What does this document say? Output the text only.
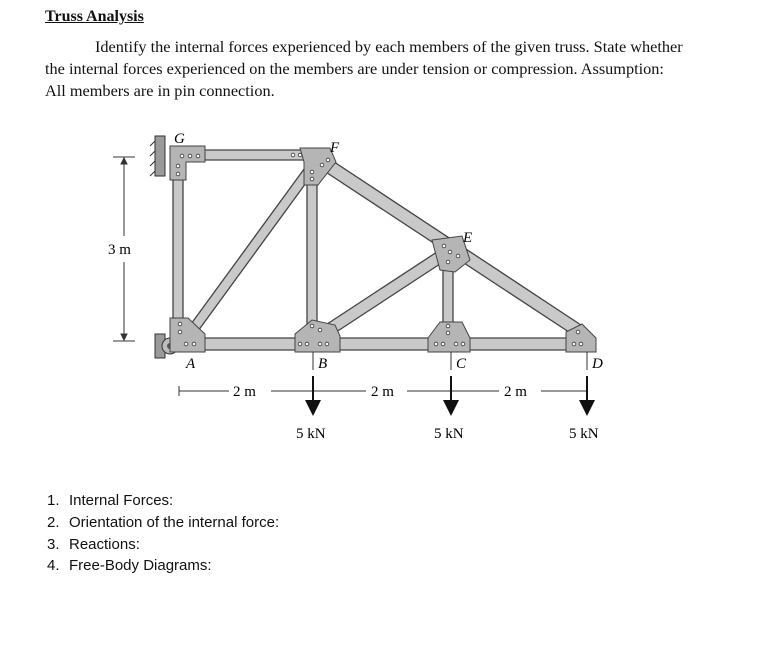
Truss Analysis
Identify the internal forces experienced by each members of the given truss. State whether the internal forces experienced on the members are under tension or compression. Assumption: All members are in pin connection.
G
F
E
A	B	C	D
3 m
2 m	2 m	2 m
5 kN	5 kN	5 kN
1. Internal Forces:
2. Orientation of the internal force:
3. Reactions:
4. Free-Body Diagrams:
